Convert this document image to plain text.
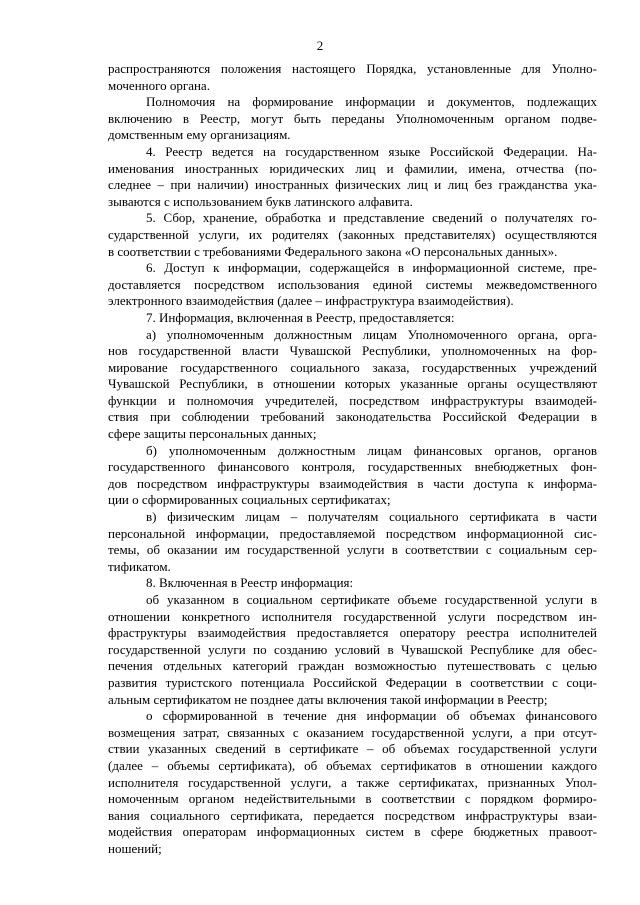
2

распространяются положения настоящего Порядка, установленные для Уполно-
моченного органа.

Полномочия на формирование информации и документов, подлежащих
включению в Реестр, могут быть переданы Уполномоченным органом подве-
домственным ему организациям.

4. Реестр ведется на государственном языке Российской Федерации. На-
именования иностранных юридических лиц и фамилии, имена, отчества (по-
следнее – при наличии) иностранных физических лиц и лиц без гражданства ука-
зываются с использованием букв латинского алфавита.

5. Сбор, хранение, обработка и представление сведений о получателях го-
сударственной услуги, их родителях (законных представителях) осуществляются
в соответствии с требованиями Федерального закона «О персональных данных».

6. Доступ к информации, содержащейся в информационной системе, пре-
доставляется посредством использования единой системы межведомственного
электронного взаимодействия (далее – инфраструктура взаимодействия).

7. Информация, включенная в Реестр, предоставляется:

а) уполномоченным должностным лицам Уполномоченного органа, орга-
нов государственной власти Чувашской Республики, уполномоченных на фор-
мирование государственного социального заказа, государственных учреждений
Чувашской Республики, в отношении которых указанные органы осуществляют
функции и полномочия учредителей, посредством инфраструктуры взаимодей-
ствия при соблюдении требований законодательства Российской Федерации в
сфере защиты персональных данных;

б) уполномоченным должностным лицам финансовых органов, органов
государственного финансового контроля, государственных внебюджетных фон-
дов посредством инфраструктуры взаимодействия в части доступа к информа-
ции о сформированных социальных сертификатах;

в) физическим лицам – получателям социального сертификата в части
персональной информации, предоставляемой посредством информационной сис-
темы, об оказании им государственной услуги в соответствии с социальным сер-
тификатом.

8. Включенная в Реестр информация:

об указанном в социальном сертификате объеме государственной услуги в
отношении конкретного исполнителя государственной услуги посредством ин-
фраструктуры взаимодействия предоставляется оператору реестра исполнителей
государственной услуги по созданию условий в Чувашской Республике для обес-
печения отдельных категорий граждан возможностью путешествовать с целью
развития туристского потенциала Российской Федерации в соответствии с соци-
альным сертификатом не позднее даты включения такой информации в Реестр;

о сформированной в течение дня информации об объемах финансового
возмещения затрат, связанных с оказанием государственной услуги, а при отсут-
ствии указанных сведений в сертификате – об объемах государственной услуги
(далее – объемы сертификата), об объемах сертификатов в отношении каждого
исполнителя государственной услуги, а также сертификатах, признанных Упол-
номоченным органом недействительными в соответствии с порядком формиро-
вания социального сертификата, передается посредством инфраструктуры взаи-
модействия операторам информационных систем в сфере бюджетных правоот-
ношений;
